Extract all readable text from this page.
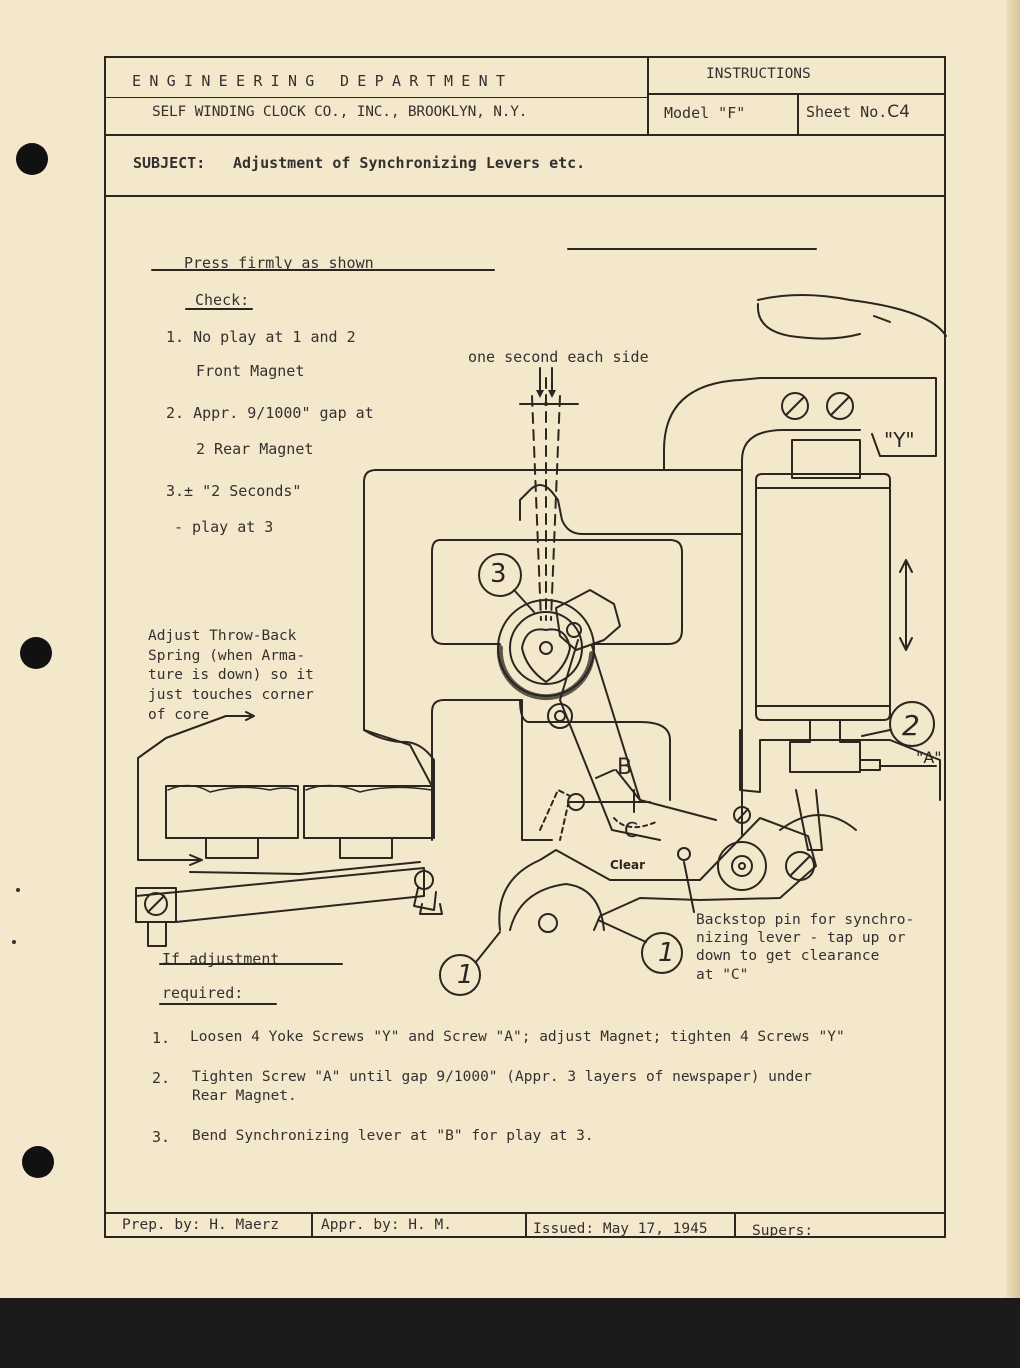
ENGINEERING DEPARTMENT
SELF WINDING CLOCK CO., INC., BROOKLYN, N.Y.
INSTRUCTIONS
Model "F"	Sheet No.C4
SUBJECT: Adjustment of Synchronizing Levers etc.
Press firmly as shown
Check:
1. No play at 1 and 2
Front Magnet
2. Appr. 9/1000" gap at
2 Rear Magnet
3.± "2 Seconds"
- play at 3
one second each side
Adjust Throw-Back
Spring (when Arma-
ture is down) so it
just touches corner
of core
Backstop pin for synchro-
nizing lever - tap up or
down to get clearance
at "C"
"Y"
"A"
B
C
Clear
3
2
1
1
If adjustment
required:
1. Loosen 4 Yoke Screws "Y" and Screw "A"; adjust Magnet; tighten 4 Screws "Y"
2. Tighten Screw "A" until gap 9/1000" (Appr. 3 layers of newspaper) under
Rear Magnet.
3. Bend Synchronizing lever at "B" for play at 3.
Prep. by: H. Maerz	Appr. by: H. M.	Issued: May 17, 1945	Supers:
